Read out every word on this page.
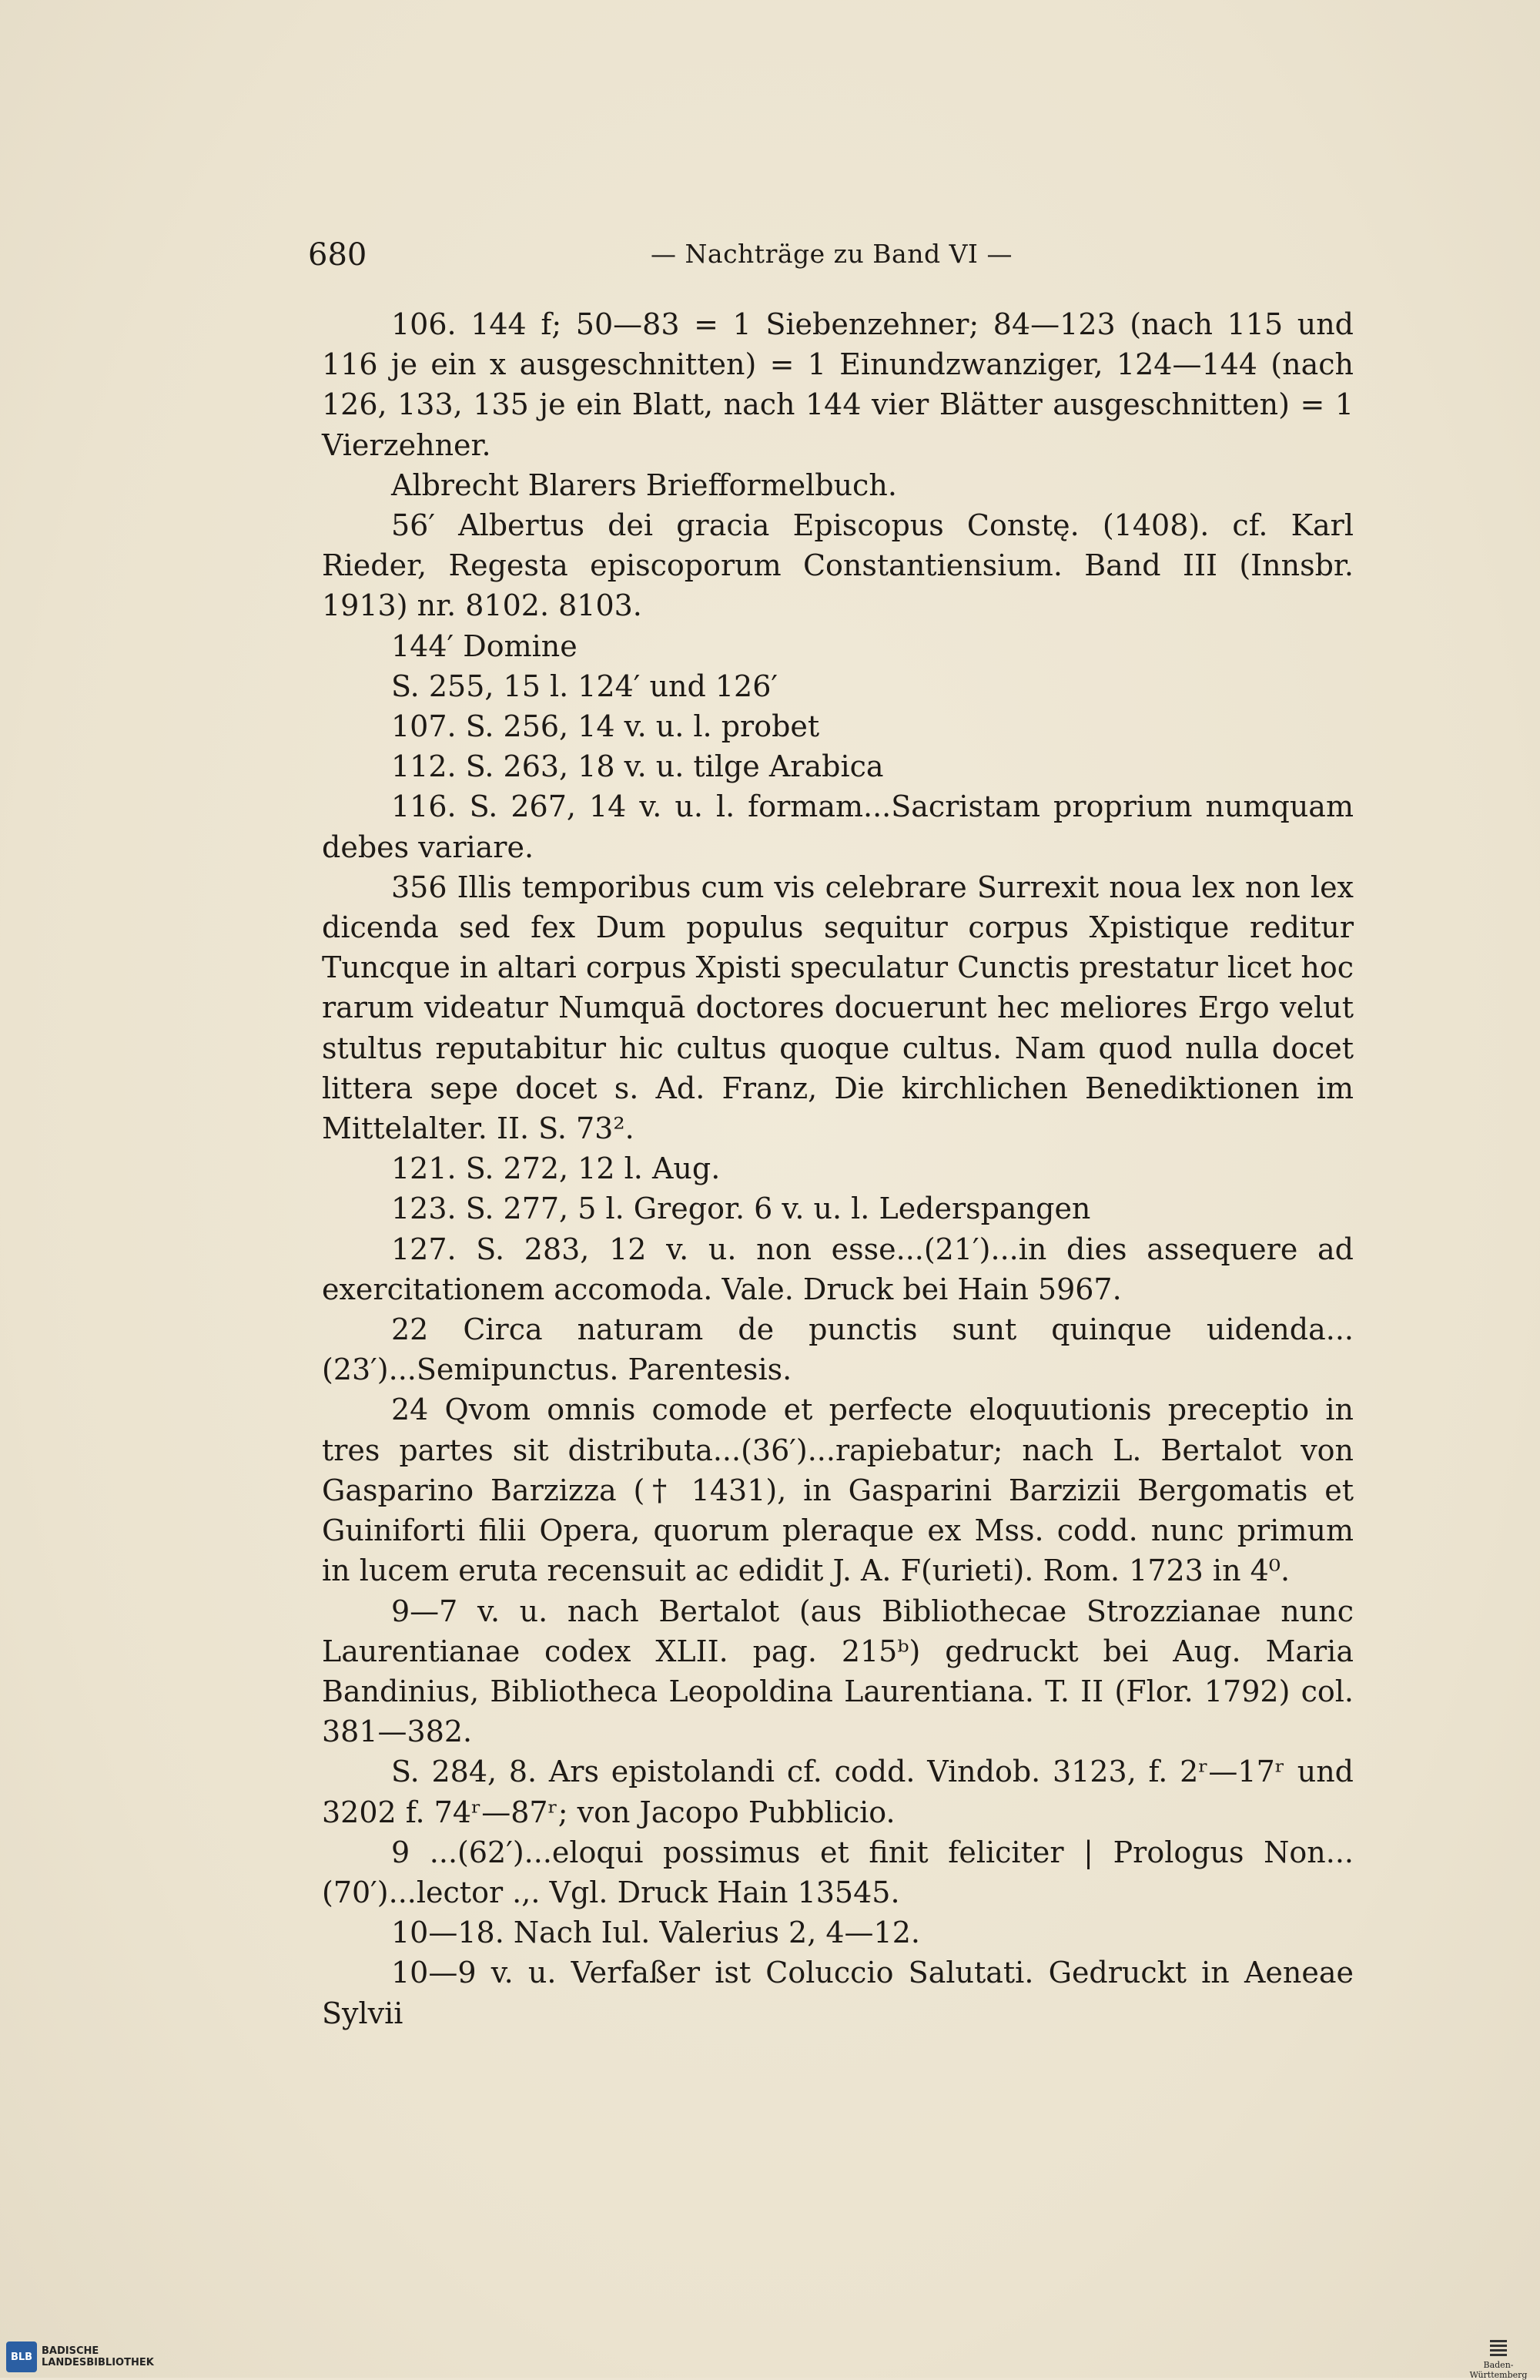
680	— Nachträge zu Band VI —

106. 144 f; 50—83 = 1 Siebenzehner; 84—123 (nach 115 und 116 je ein x ausgeschnitten) = 1 Einundzwanziger, 124—144 (nach 126, 133, 135 je ein Blatt, nach 144 vier Blätter ausgeschnitten) = 1 Vierzehner.

Albrecht Blarers Briefformelbuch.

56′ Albertus dei gracia Episcopus Constę. (1408). cf. Karl Rieder, Regesta episcoporum Constantiensium. Band III (Innsbr. 1913) nr. 8102. 8103.

144′ Domine

S. 255, 15 l. 124′ und 126′

107. S. 256, 14 v. u. l. probet

112. S. 263, 18 v. u. tilge Arabica

116. S. 267, 14 v. u. l. formam...Sacristam proprium numquam debes variare.

356 Illis temporibus cum vis celebrare Surrexit noua lex non lex dicenda sed fex Dum populus sequitur corpus Xpistique reditur Tuncque in altari corpus Xpisti speculatur Cunctis prestatur licet hoc rarum videatur Numquā doctores docuerunt hec meliores Ergo velut stultus reputabitur hic cultus quoque cultus. Nam quod nulla docet littera sepe docet s. Ad. Franz, Die kirchlichen Benediktionen im Mittelalter. II. S. 73².

121. S. 272, 12 l. Aug.

123. S. 277, 5 l. Gregor. 6 v. u. l. Lederspangen

127. S. 283, 12 v. u. non esse...(21′)...in dies assequere ad exercitationem accomoda. Vale. Druck bei Hain 5967.

22 Circa naturam de punctis sunt quinque uidenda...(23′)...Semipunctus. Parentesis.

24 Qvom omnis comode et perfecte eloquutionis preceptio in tres partes sit distributa...(36′)...rapiebatur; nach L. Bertalot von Gasparino Barzizza († 1431), in Gasparini Barzizii Bergomatis et Guiniforti filii Opera, quorum pleraque ex Mss. codd. nunc primum in lucem eruta recensuit ac edidit J. A. F(urieti). Rom. 1723 in 4⁰.

9—7 v. u. nach Bertalot (aus Bibliothecae Strozzianae nunc Laurentianae codex XLII. pag. 215ᵇ) gedruckt bei Aug. Maria Bandinius, Bibliotheca Leopoldina Laurentiana. T. II (Flor. 1792) col. 381—382.

S. 284, 8. Ars epistolandi cf. codd. Vindob. 3123, f. 2ʳ—17ʳ und 3202 f. 74ʳ—87ʳ; von Jacopo Pubblicio.

9 ...(62′)...eloqui possimus et finit feliciter | Prologus Non... (70′)...lector .,. Vgl. Druck Hain 13545.

10—18. Nach Iul. Valerius 2, 4—12.

10—9 v. u. Verfaßer ist Coluccio Salutati. Gedruckt in Aeneae Sylvii

BLB BADISCHE
LANDESBIBLIOTHEK	Baden-Württemberg
